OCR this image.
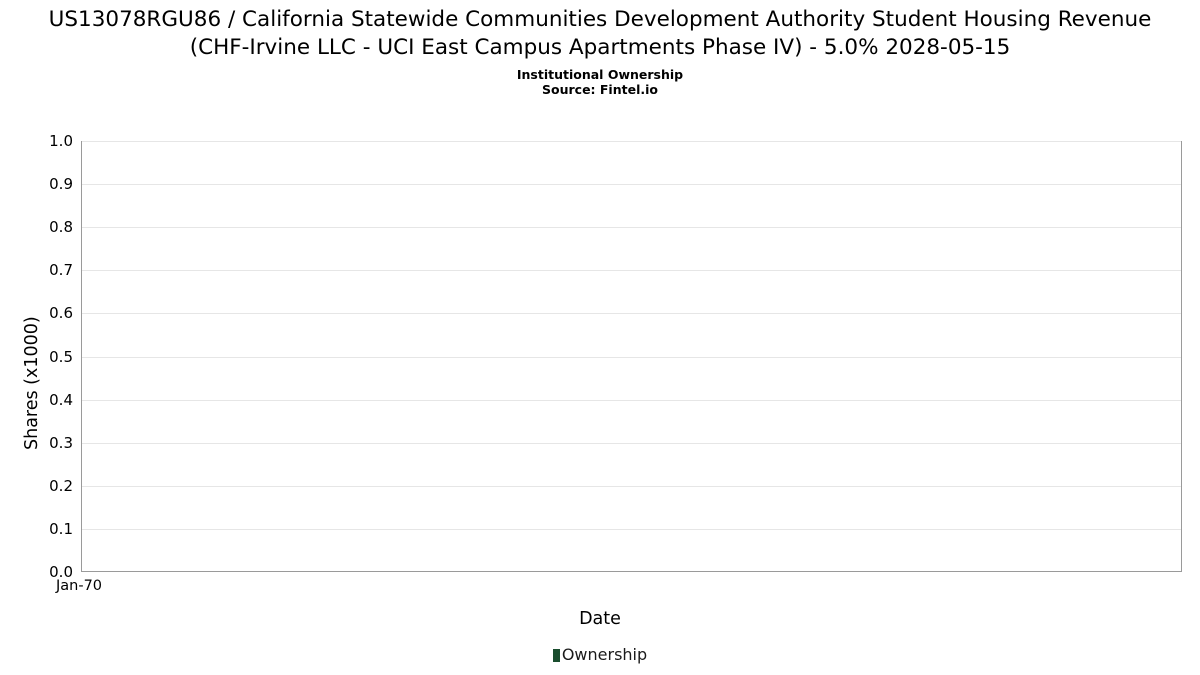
US13078RGU86 / California Statewide Communities Development Authority Student Housing Revenue (CHF-Irvine LLC - UCI East Campus Apartments Phase IV) - 5.0% 2028-05-15
Institutional Ownership
Source: Fintel.io
0.0
0.1
0.2
0.3
0.4
0.5
0.6
0.7
0.8
0.9
1.0
Shares (x1000)
Jan-70
Date
Ownership
